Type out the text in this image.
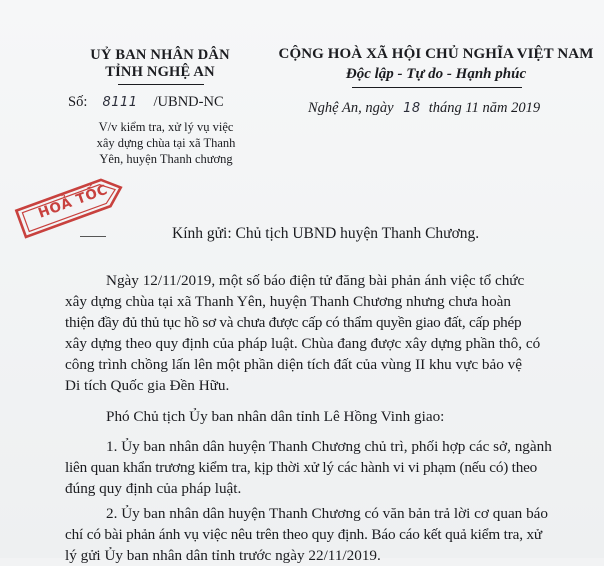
UỶ BAN NHÂN DÂN
TỈNH NGHỆ AN
Số: 8111 /UBND-NC
V/v kiểm tra, xử lý vụ việc
xây dựng chùa tại xã Thanh
Yên, huyện Thanh chương
CỘNG HOÀ XÃ HỘI CHỦ NGHĨA VIỆT NAM
Độc lập - Tự do - Hạnh phúc
Nghệ An, ngày 18 tháng 11 năm 2019
HOẢ TỐC
Kính gửi: Chủ tịch UBND huyện Thanh Chương.
Ngày 12/11/2019, một số báo điện tử đăng bài phản ánh việc tổ chức
xây dựng chùa tại xã Thanh Yên, huyện Thanh Chương nhưng chưa hoàn
thiện đầy đủ thủ tục hồ sơ và chưa được cấp có thẩm quyền giao đất, cấp phép
xây dựng theo quy định của pháp luật. Chùa đang được xây dựng phần thô, có
công trình chồng lấn lên một phần diện tích đất của vùng II khu vực bảo vệ
Di tích Quốc gia Đền Hữu.
Phó Chủ tịch Ủy ban nhân dân tỉnh Lê Hồng Vinh giao:
1. Ủy ban nhân dân huyện Thanh Chương chủ trì, phối hợp các sở, ngành
liên quan khẩn trương kiểm tra, kịp thời xử lý các hành vi vi phạm (nếu có) theo
đúng quy định của pháp luật.
2. Ủy ban nhân dân huyện Thanh Chương có văn bản trả lời cơ quan báo
chí có bài phản ánh vụ việc nêu trên theo quy định. Báo cáo kết quả kiểm tra, xử
lý gửi Ủy ban nhân dân tỉnh trước ngày 22/11/2019.
